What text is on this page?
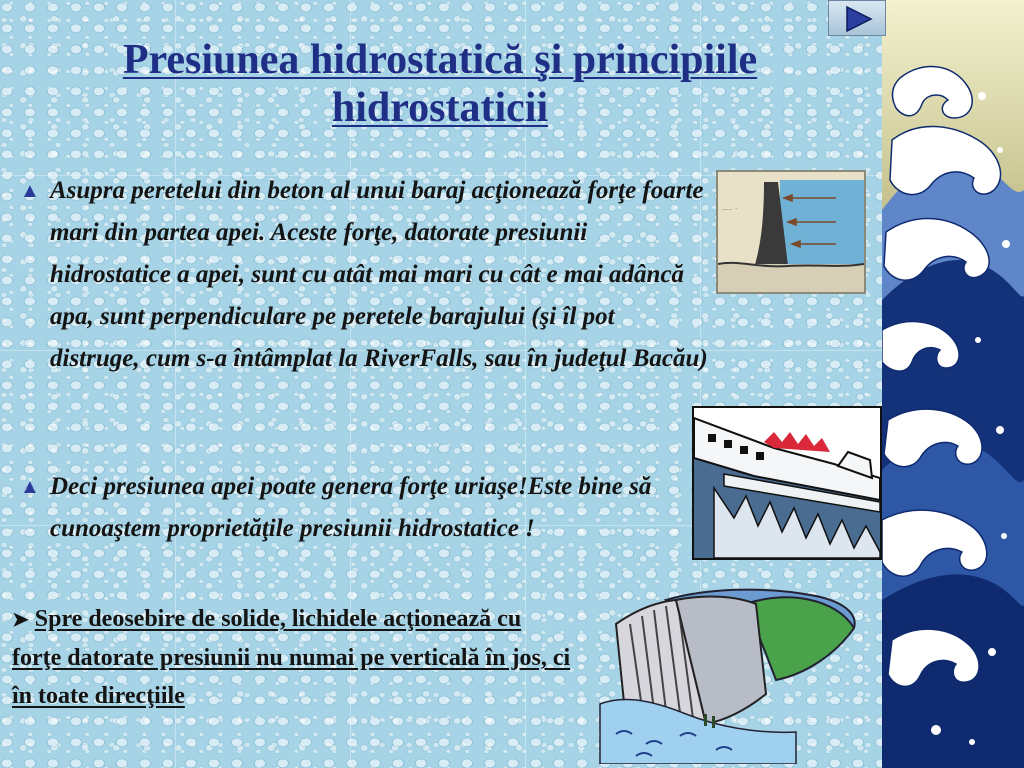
Presiunea hidrostatică şi principiile hidrostaticii

▲ Asupra peretelui din beton al unui baraj acţionează forţe foarte mari din partea apei. Aceste forţe, datorate presiunii hidrostatice a apei, sunt cu atât mai mari cu cât e mai adâncă apa, sunt perpendiculare pe peretele barajului (şi îl pot distruge, cum s-a întâmplat la RiverFalls, sau în judeţul Bacău)

▲ Deci presiunea apei poate genera forţe uriaşe!Este bine să cunoaştem proprietăţile presiunii hidrostatice !

➤ Spre deosebire de solide, lichidele acţionează cu forţe datorate presiunii nu numai pe verticală în jos, ci în toate direcţiile

— ·
